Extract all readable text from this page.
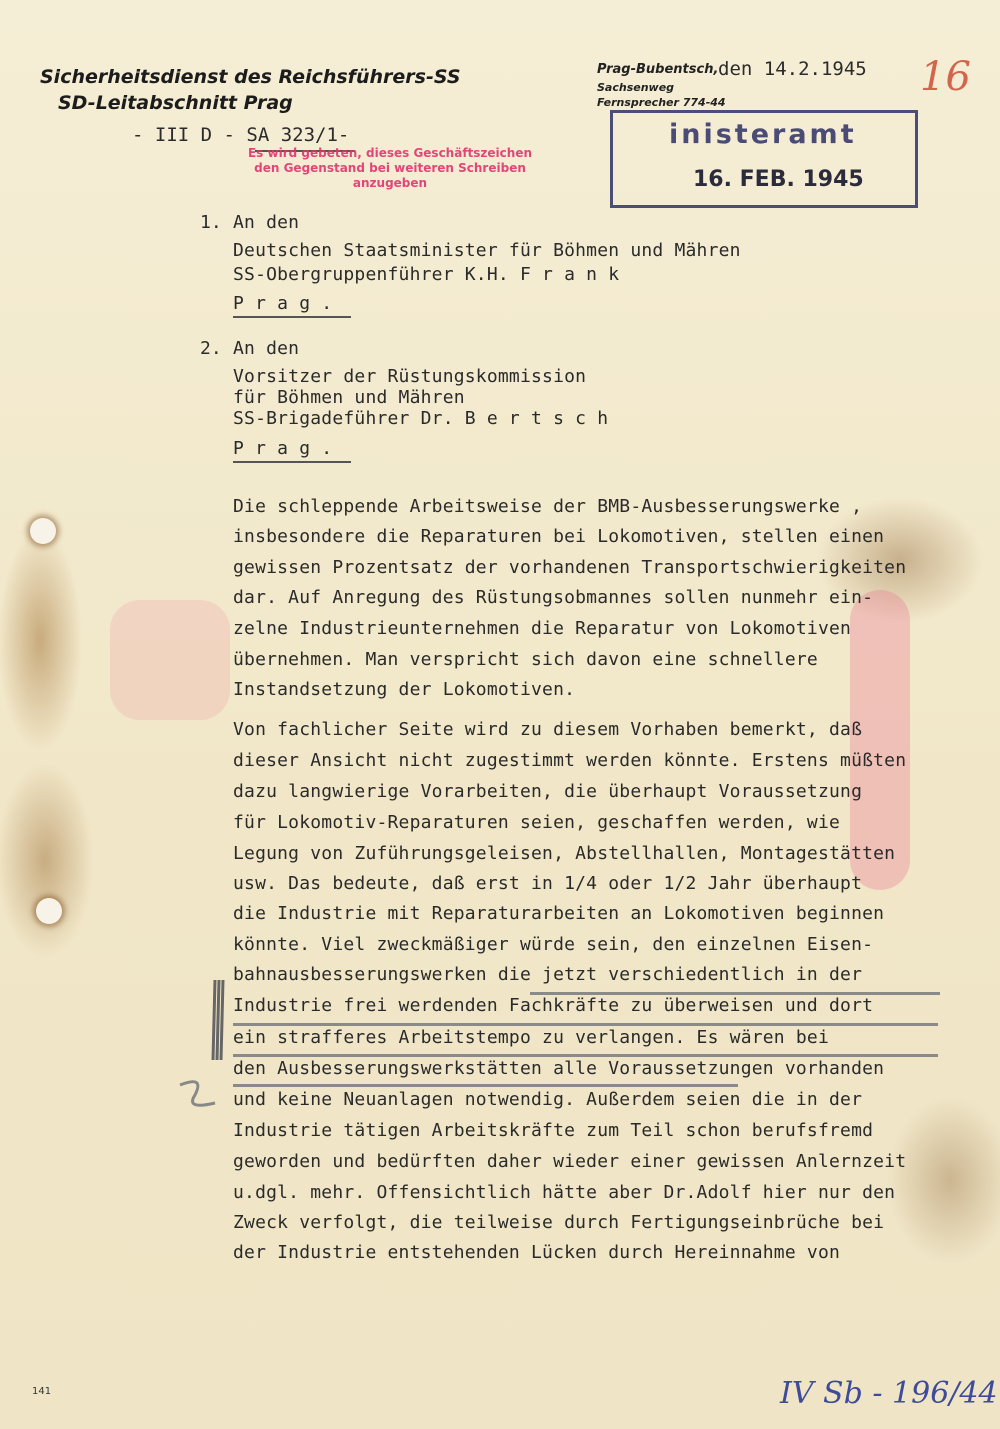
Sicherheitsdienst des Reichsführers-SS
SD-Leitabschnitt Prag
Prag-Bubentsch, den 14.2.1945
Sachsenweg
Fernsprecher 774-44
16
- III D - SA 323/1-
Es wird gebeten, dieses Geschäftszeichen
den Gegenstand bei weiteren Schreiben
anzugeben
inisteramt
16. FEB. 1945
1. An den
Deutschen Staatsminister für Böhmen und Mähren
SS-Obergruppenführer K.H. F r a n k
P r a g .
2. An den
Vorsitzer der Rüstungskommission
für Böhmen und Mähren
SS-Brigadeführer Dr. B e r t s c h
P r a g .
Die schleppende Arbeitsweise der BMB-Ausbesserungswerke ,
insbesondere die Reparaturen bei Lokomotiven, stellen einen
gewissen Prozentsatz der vorhandenen Transportschwierigkeiten
dar. Auf Anregung des Rüstungsobmannes sollen nunmehr ein-
zelne Industrieunternehmen die Reparatur von Lokomotiven
übernehmen. Man verspricht sich davon eine schnellere
Instandsetzung der Lokomotiven.
Von fachlicher Seite wird zu diesem Vorhaben bemerkt, daß
dieser Ansicht nicht zugestimmt werden könnte. Erstens müßten
dazu langwierige Vorarbeiten, die überhaupt Voraussetzung
für Lokomotiv-Reparaturen seien, geschaffen werden, wie
Legung von Zuführungsgeleisen, Abstellhallen, Montagestätten
usw. Das bedeute, daß erst in 1/4 oder 1/2 Jahr überhaupt
die Industrie mit Reparaturarbeiten an Lokomotiven beginnen
könnte. Viel zweckmäßiger würde sein, den einzelnen Eisen-
bahnausbesserungswerken die jetzt verschiedentlich in der
Industrie frei werdenden Fachkräfte zu überweisen und dort
ein strafferes Arbeitstempo zu verlangen. Es wären bei
den Ausbesserungswerkstätten alle Voraussetzungen vorhanden
und keine Neuanlagen notwendig. Außerdem seien die in der
Industrie tätigen Arbeitskräfte zum Teil schon berufsfremd
geworden und bedürften daher wieder einer gewissen Anlernzeit
u.dgl. mehr. Offensichtlich hätte aber Dr.Adolf hier nur den
Zweck verfolgt, die teilweise durch Fertigungseinbrüche bei
der Industrie entstehenden Lücken durch Hereinnahme von
141	IV Sb - 196/44
